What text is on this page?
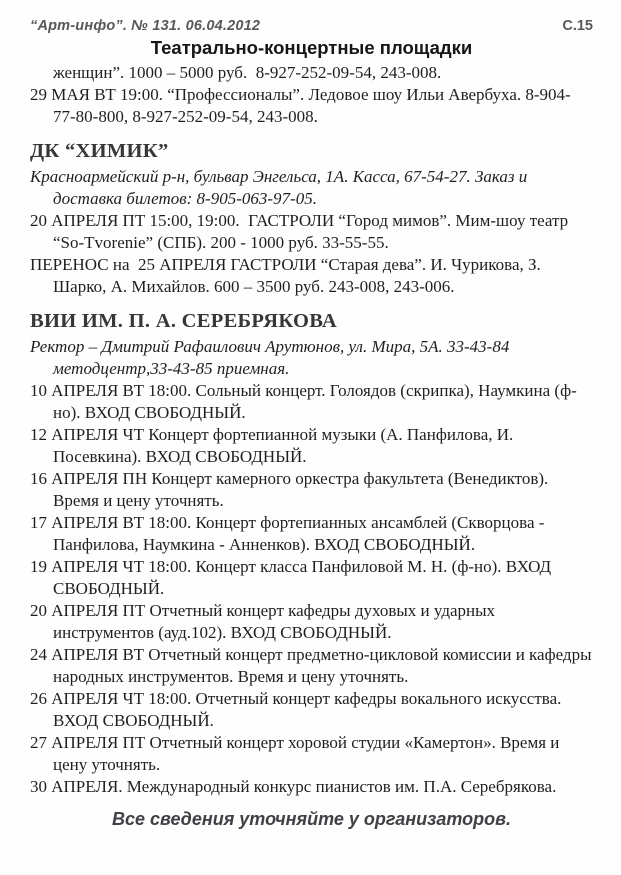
“Арт-инфо”. № 131. 06.04.2012	С.15
Театрально-концертные площадки

женщин”. 1000 – 5000 руб.  8-927-252-09-54, 243-008.

29 МАЯ ВТ 19:00. “Профессионалы”. Ледовое шоу Ильи Авербуха. 8-904-77-80-800, 8-927-252-09-54, 243-008.

ДК “ХИМИК”

Красноармейский р-н, бульвар Энгельса, 1А. Касса, 67-54-27. Заказ и доставка билетов: 8-905-063-97-05.

20 АПРЕЛЯ ПТ 15:00, 19:00.  ГАСТРОЛИ “Город мимов”. Мим-шоу театр “So-Tvorenie” (СПБ). 200 - 1000 руб. 33-55-55.

ПЕРЕНОС на  25 АПРЕЛЯ ГАСТРОЛИ “Старая дева”. И. Чурикова, З. Шарко, А. Михайлов. 600 – 3500 руб. 243-008, 243-006.

ВИИ ИМ. П. А. СЕРЕБРЯКОВА

Ректор – Дмитрий Рафаилович Арутюнов, ул. Мира, 5А. 33-43-84 методцентр,33-43-85 приемная.

10 АПРЕЛЯ ВТ 18:00. Сольный концерт. Голоядов (скрипка), Наумкина (ф-но). ВХОД СВОБОДНЫЙ.

12 АПРЕЛЯ ЧТ Концерт фортепианной музыки (А. Панфилова, И. Посевкина). ВХОД СВОБОДНЫЙ.

16 АПРЕЛЯ ПН Концерт камерного оркестра факультета (Венедиктов). Время и цену уточнять.

17 АПРЕЛЯ ВТ 18:00. Концерт фортепианных ансамблей (Скворцова - Панфилова, Наумкина - Анненков). ВХОД СВОБОДНЫЙ.

19 АПРЕЛЯ ЧТ 18:00. Концерт класса Панфиловой М. Н. (ф-но). ВХОД СВОБОДНЫЙ.

20 АПРЕЛЯ ПТ Отчетный концерт кафедры духовых и ударных инструментов (ауд.102). ВХОД СВОБОДНЫЙ.

24 АПРЕЛЯ ВТ Отчетный концерт предметно-цикловой комиссии и кафедры народных инструментов. Время и цену уточнять.

26 АПРЕЛЯ ЧТ 18:00. Отчетный концерт кафедры вокального искусства. ВХОД СВОБОДНЫЙ.

27 АПРЕЛЯ ПТ Отчетный концерт хоровой студии «Камертон». Время и цену уточнять.

30 АПРЕЛЯ. Международный конкурс пианистов им. П.А. Серебрякова.

Все сведения уточняйте у организаторов.
